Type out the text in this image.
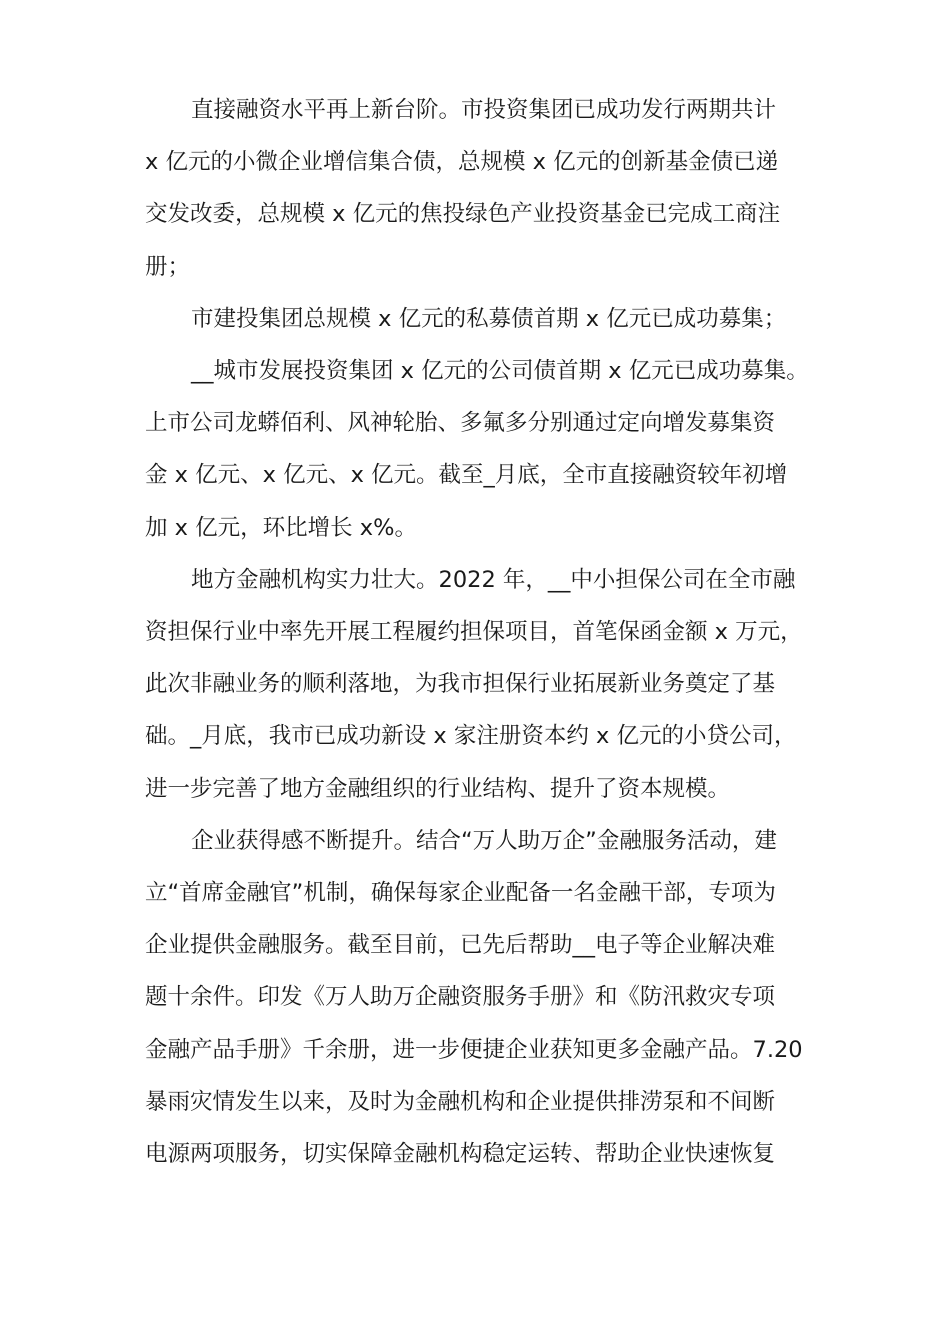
直接融资水平再上新台阶。市投资集团已成功发行两期共计
x 亿元的小微企业增信集合债，总规模 x 亿元的创新基金债已递
交发改委，总规模 x 亿元的焦投绿色产业投资基金已完成工商注
册；
市建投集团总规模 x 亿元的私募债首期 x 亿元已成功募集；
__城市发展投资集团 x 亿元的公司债首期 x 亿元已成功募集。
上市公司龙蟒佰利、风神轮胎、多氟多分别通过定向增发募集资
金 x 亿元、x 亿元、x 亿元。截至_月底，全市直接融资较年初增
加 x 亿元，环比增长 x%。
地方金融机构实力壮大。2022 年，__中小担保公司在全市融
资担保行业中率先开展工程履约担保项目，首笔保函金额 x 万元，
此次非融业务的顺利落地，为我市担保行业拓展新业务奠定了基
础。_月底，我市已成功新设 x 家注册资本约 x 亿元的小贷公司，
进一步完善了地方金融组织的行业结构、提升了资本规模。
企业获得感不断提升。结合“万人助万企”金融服务活动，建
立“首席金融官”机制，确保每家企业配备一名金融干部，专项为
企业提供金融服务。截至目前，已先后帮助__电子等企业解决难
题十余件。印发《万人助万企融资服务手册》和《防汛救灾专项
金融产品手册》千余册，进一步便捷企业获知更多金融产品。7.20
暴雨灾情发生以来，及时为金融机构和企业提供排涝泵和不间断
电源两项服务，切实保障金融机构稳定运转、帮助企业快速恢复
